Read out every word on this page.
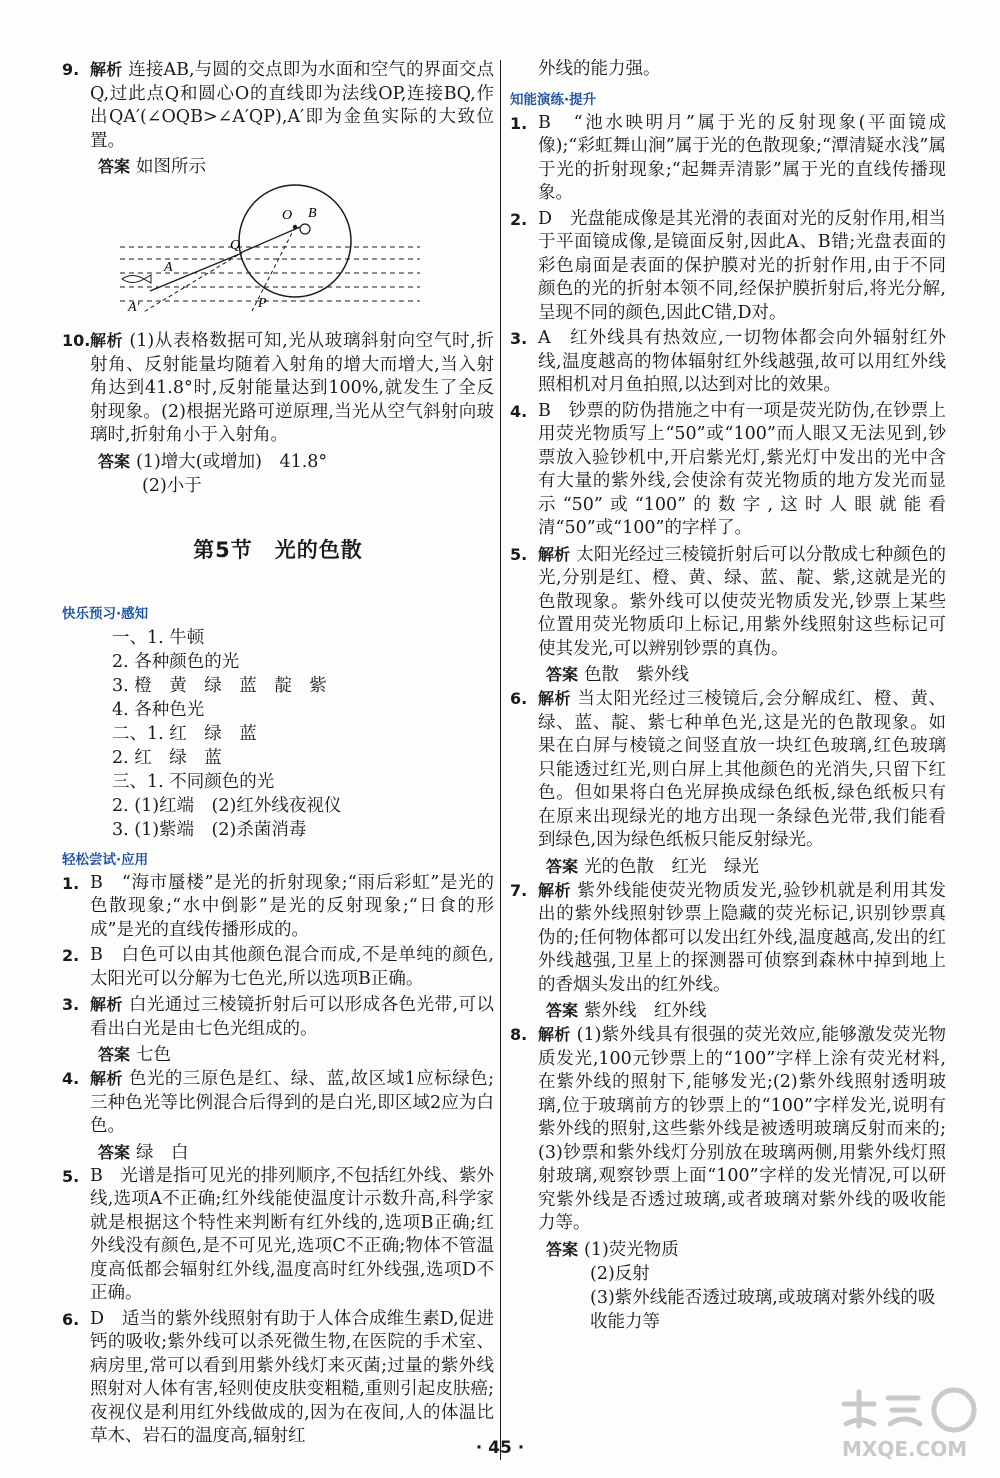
9. 解析 连接AB,与圆的交点即为水面和空气的界面交点Q,过此点Q和圆心O的直线即为法线OP,连接BQ,作出QA′(∠OQB>∠A′QP),A′即为金鱼实际的大致位置。
答案 如图所示
O B
Q
A
A′	P
10. 解析 (1)从表格数据可知,光从玻璃斜射向空气时,折射角、反射能量均随着入射角的增大而增大,当入射角达到41.8°时,反射能量达到100%,就发生了全反射现象。(2)根据光路可逆原理,当光从空气斜射向玻璃时,折射角小于入射角。
答案 (1)增大(或增加)　41.8°
(2)小于
第5节　光的色散
快乐预习·感知
一、1. 牛顿
2. 各种颜色的光
3. 橙　黄　绿　蓝　靛　紫
4. 各种色光
二、1. 红　绿　蓝
2. 红　绿　蓝
三、1. 不同颜色的光
2. (1)红端　(2)红外线夜视仪
3. (1)紫端　(2)杀菌消毒
轻松尝试·应用
1. B　“海市蜃楼”是光的折射现象;“雨后彩虹”是光的色散现象;“水中倒影”是光的反射现象;“日食的形成”是光的直线传播形成的。
2. B　白色可以由其他颜色混合而成,不是单纯的颜色,太阳光可以分解为七色光,所以选项B正确。
3. 解析 白光通过三棱镜折射后可以形成各色光带,可以看出白光是由七色光组成的。
答案 七色
4. 解析 色光的三原色是红、绿、蓝,故区域1应标绿色;三种色光等比例混合后得到的是白光,即区域2应为白色。
答案 绿　白
5. B　光谱是指可见光的排列顺序,不包括红外线、紫外线,选项A不正确;红外线能使温度计示数升高,科学家就是根据这个特性来判断有红外线的,选项B正确;红外线没有颜色,是不可见光,选项C不正确;物体不管温度高低都会辐射红外线,温度高时红外线强,选项D不正确。
6. D　适当的紫外线照射有助于人体合成维生素D,促进钙的吸收;紫外线可以杀死微生物,在医院的手术室、病房里,常可以看到用紫外线灯来灭菌;过量的紫外线照射对人体有害,轻则使皮肤变粗糙,重则引起皮肤癌;夜视仪是利用红外线做成的,因为在夜间,人的体温比草木、岩石的温度高,辐射红
外线的能力强。
知能演练·提升
1. B　“池水映明月”属于光的反射现象(平面镜成像);“彩虹舞山涧”属于光的色散现象;“潭清疑水浅”属于光的折射现象;“起舞弄清影”属于光的直线传播现象。
2. D　光盘能成像是其光滑的表面对光的反射作用,相当于平面镜成像,是镜面反射,因此A、B错;光盘表面的彩色扇面是表面的保护膜对光的折射作用,由于不同颜色的光的折射本领不同,经保护膜折射后,将光分解,呈现不同的颜色,因此C错,D对。
3. A　红外线具有热效应,一切物体都会向外辐射红外线,温度越高的物体辐射红外线越强,故可以用红外线照相机对月鱼拍照,以达到对比的效果。
4. B　钞票的防伪措施之中有一项是荧光防伪,在钞票上用荧光物质写上“50”或“100”而人眼又无法见到,钞票放入验钞机中,开启紫光灯,紫光灯中发出的光中含有大量的紫外线,会使涂有荧光物质的地方发光而显示“50”或“100”的数字,这时人眼就能看清“50”或“100”的字样了。
5. 解析 太阳光经过三棱镜折射后可以分散成七种颜色的光,分别是红、橙、黄、绿、蓝、靛、紫,这就是光的色散现象。紫外线可以使荧光物质发光,钞票上某些位置用荧光物质印上标记,用紫外线照射这些标记可使其发光,可以辨别钞票的真伪。
答案 色散　紫外线
6. 解析 当太阳光经过三棱镜后,会分解成红、橙、黄、绿、蓝、靛、紫七种单色光,这是光的色散现象。如果在白屏与棱镜之间竖直放一块红色玻璃,红色玻璃只能透过红光,则白屏上其他颜色的光消失,只留下红色。但如果将白色光屏换成绿色纸板,绿色纸板只有在原来出现绿光的地方出现一条绿色光带,我们能看到绿色,因为绿色纸板只能反射绿光。
答案 光的色散　红光　绿光
7. 解析 紫外线能使荧光物质发光,验钞机就是利用其发出的紫外线照射钞票上隐藏的荧光标记,识别钞票真伪的;任何物体都可以发出红外线,温度越高,发出的红外线越强,卫星上的探测器可侦察到森林中掉到地上的香烟头发出的红外线。
答案 紫外线　红外线
8. 解析 (1)紫外线具有很强的荧光效应,能够激发荧光物质发光,100元钞票上的“100”字样上涂有荧光材料,在紫外线的照射下,能够发光;(2)紫外线照射透明玻璃,位于玻璃前方的钞票上的“100”字样发光,说明有紫外线的照射,这些紫外线是被透明玻璃反射而来的;(3)钞票和紫外线灯分别放在玻璃两侧,用紫外线灯照射玻璃,观察钞票上面“100”字样的发光情况,可以研究紫外线是否透过玻璃,或者玻璃对紫外线的吸收能力等。
答案 (1)荧光物质
(2)反射
(3)紫外线能否透过玻璃,或玻璃对紫外线的吸收能力等
· 45 ·	MXQE.COM
